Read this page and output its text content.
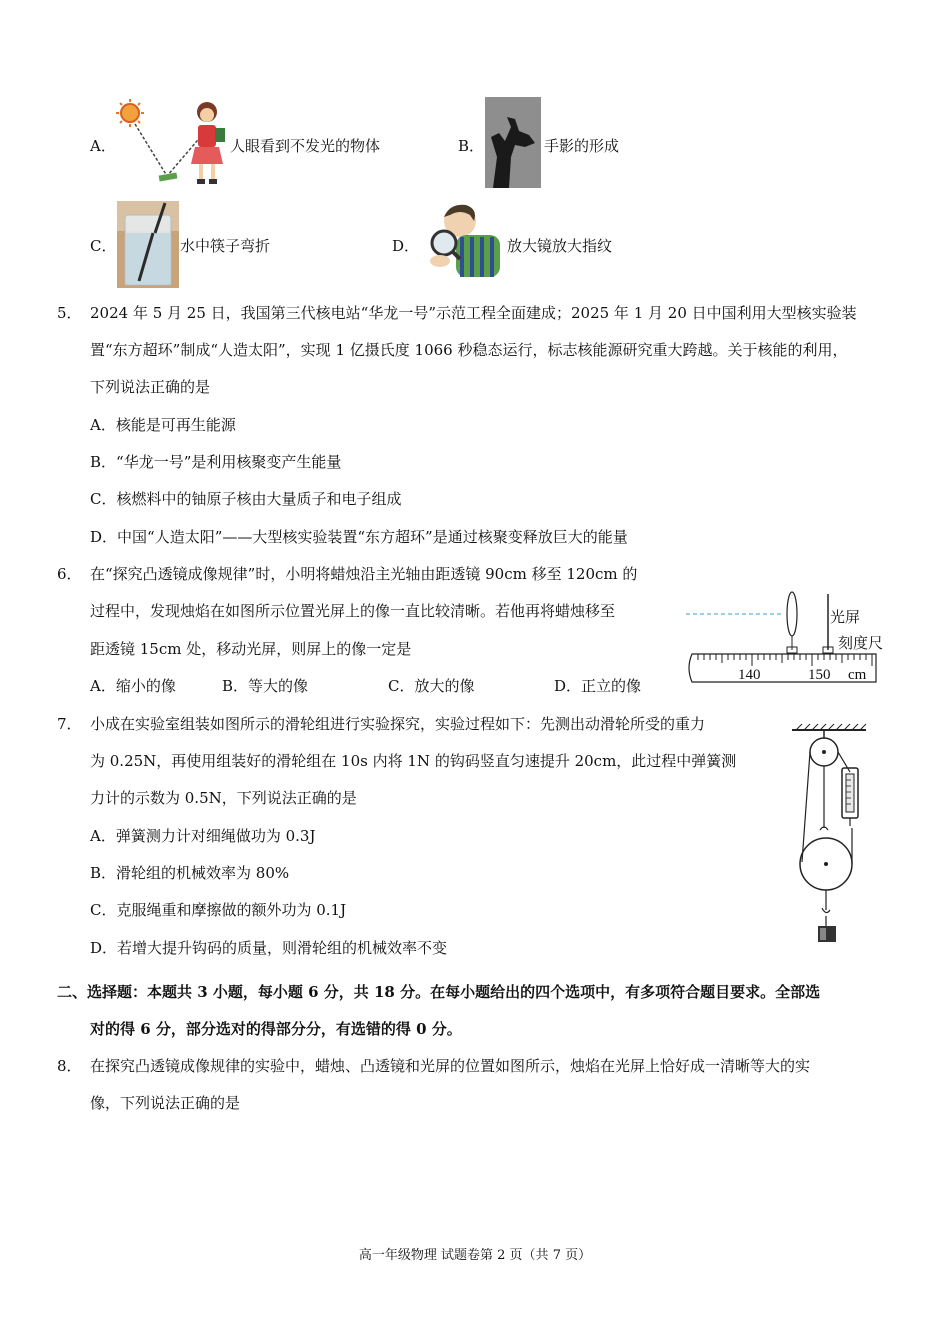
A．	人眼看到不发光的物体	B．	手影的形成
C．	水中筷子弯折	D．	放大镜放大指纹
5． 2024 年 5 月 25 日，我国第三代核电站“华龙一号”示范工程全面建成；2025 年 1 月 20 日中国利用大型核实验装
置“东方超环”制成“人造太阳”，实现 1 亿摄氏度 1066 秒稳态运行，标志核能源研究重大跨越。关于核能的利用，
下列说法正确的是
A．核能是可再生能源
B．“华龙一号”是利用核聚变产生能量
C．核燃料中的铀原子核由大量质子和电子组成
D．中国“人造太阳”——大型核实验装置“东方超环”是通过核聚变释放巨大的能量
6． 在“探究凸透镜成像规律”时，小明将蜡烛沿主光轴由距透镜 90cm 移至 120cm 的
过程中，发现烛焰在如图所示位置光屏上的像一直比较清晰。若他再将蜡烛移至
距透镜 15cm 处，移动光屏，则屏上的像一定是
A．缩小的像	B．等大的像	C．放大的像	D．正立的像
光屏
刻度尺
140	150 cm
7． 小成在实验室组装如图所示的滑轮组进行实验探究，实验过程如下：先测出动滑轮所受的重力
为 0.25N，再使用组装好的滑轮组在 10s 内将 1N 的钩码竖直匀速提升 20cm，此过程中弹簧测
力计的示数为 0.5N，下列说法正确的是
A．弹簧测力计对细绳做功为 0.3J
B．滑轮组的机械效率为 80%
C．克服绳重和摩擦做的额外功为 0.1J
D．若增大提升钩码的质量，则滑轮组的机械效率不变
二、选择题：本题共 3 小题，每小题 6 分，共 18 分。在每小题给出的四个选项中，有多项符合题目要求。全部选
对的得 6 分，部分选对的得部分分，有选错的得 0 分。
8． 在探究凸透镜成像规律的实验中，蜡烛、凸透镜和光屏的位置如图所示，烛焰在光屏上恰好成一清晰等大的实
像，下列说法正确的是
高一年级物理 试题卷第 2 页（共 7 页）
